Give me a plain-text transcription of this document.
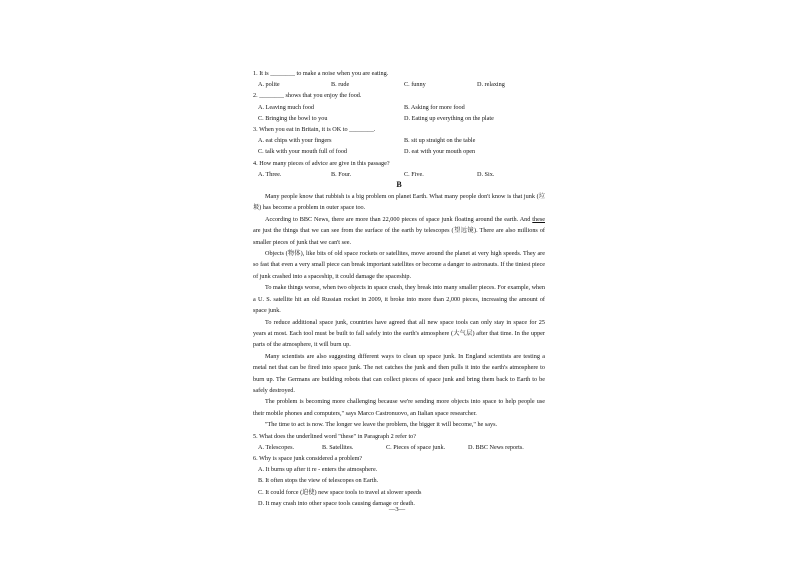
1. It is ________ to make a noise when you are eating.
A. polite	B. rude	C. funny	D. relaxing
2. ________ shows that you enjoy the food.
A. Leaving much food	B. Asking for more food
C. Bringing the bowl to you	D. Eating up everything on the plate
3. When you eat in Britain, it is OK to ________.
A. eat chips with your fingers	B. sit up straight on the table
C. talk with your mouth full of food	D. eat with your mouth open
4. How many pieces of advice are give in this passage?
A. Three.	B. Four.	C. Five.	D. Six.
B
Many people know that rubbish is a big problem on planet Earth. What many people don't know is that junk (垃圾) has become a problem in outer space too.
According to BBC News, there are more than 22,000 pieces of space junk floating around the earth. And these are just the things that we can see from the surface of the earth by telescopes (望远镜). There are also millions of smaller pieces of junk that we can't see.
Objects (物体), like bits of old space rockets or satellites, move around the planet at very high speeds. They are so fast that even a very small piece can break important satellites or become a danger to astronauts. If the tiniest piece of junk crashed into a spaceship, it could damage the spaceship.
To make things worse, when two objects in space crash, they break into many smaller pieces. For example, when a U. S. satellite hit an old Russian rocket in 2009, it broke into more than 2,000 pieces, increasing the amount of space junk.
To reduce additional space junk, countries have agreed that all new space tools can only stay in space for 25 years at most. Each tool must be built to fall safely into the earth's atmosphere (大气层) after that time. In the upper parts of the atmosphere, it will burn up.
Many scientists are also suggesting different ways to clean up space junk. In England scientists are testing a metal net that can be fired into space junk. The net catches the junk and then pulls it into the earth's atmosphere to burn up. The Germans are building robots that can collect pieces of space junk and bring them back to Earth to be safely destroyed.
The problem is becoming more challenging because we're sending more objects into space to help people use their mobile phones and computers," says Marco Castronuovo, an Italian space researcher.
"The time to act is now. The longer we leave the problem, the bigger it will become," he says.
5. What does the underlined word "these" in Paragraph 2 refer to?
A. Telescopes.	B. Satellites.	C. Pieces of space junk.	D. BBC News reports.
6. Why is space junk considered a problem?
A. It burns up after it re - enters the atmosphere.
B. It often stops the view of telescopes on Earth.
C. It could force (迫使) new space tools to travel at slower speeds
D. It may crash into other space tools causing damage or death.
—3—
